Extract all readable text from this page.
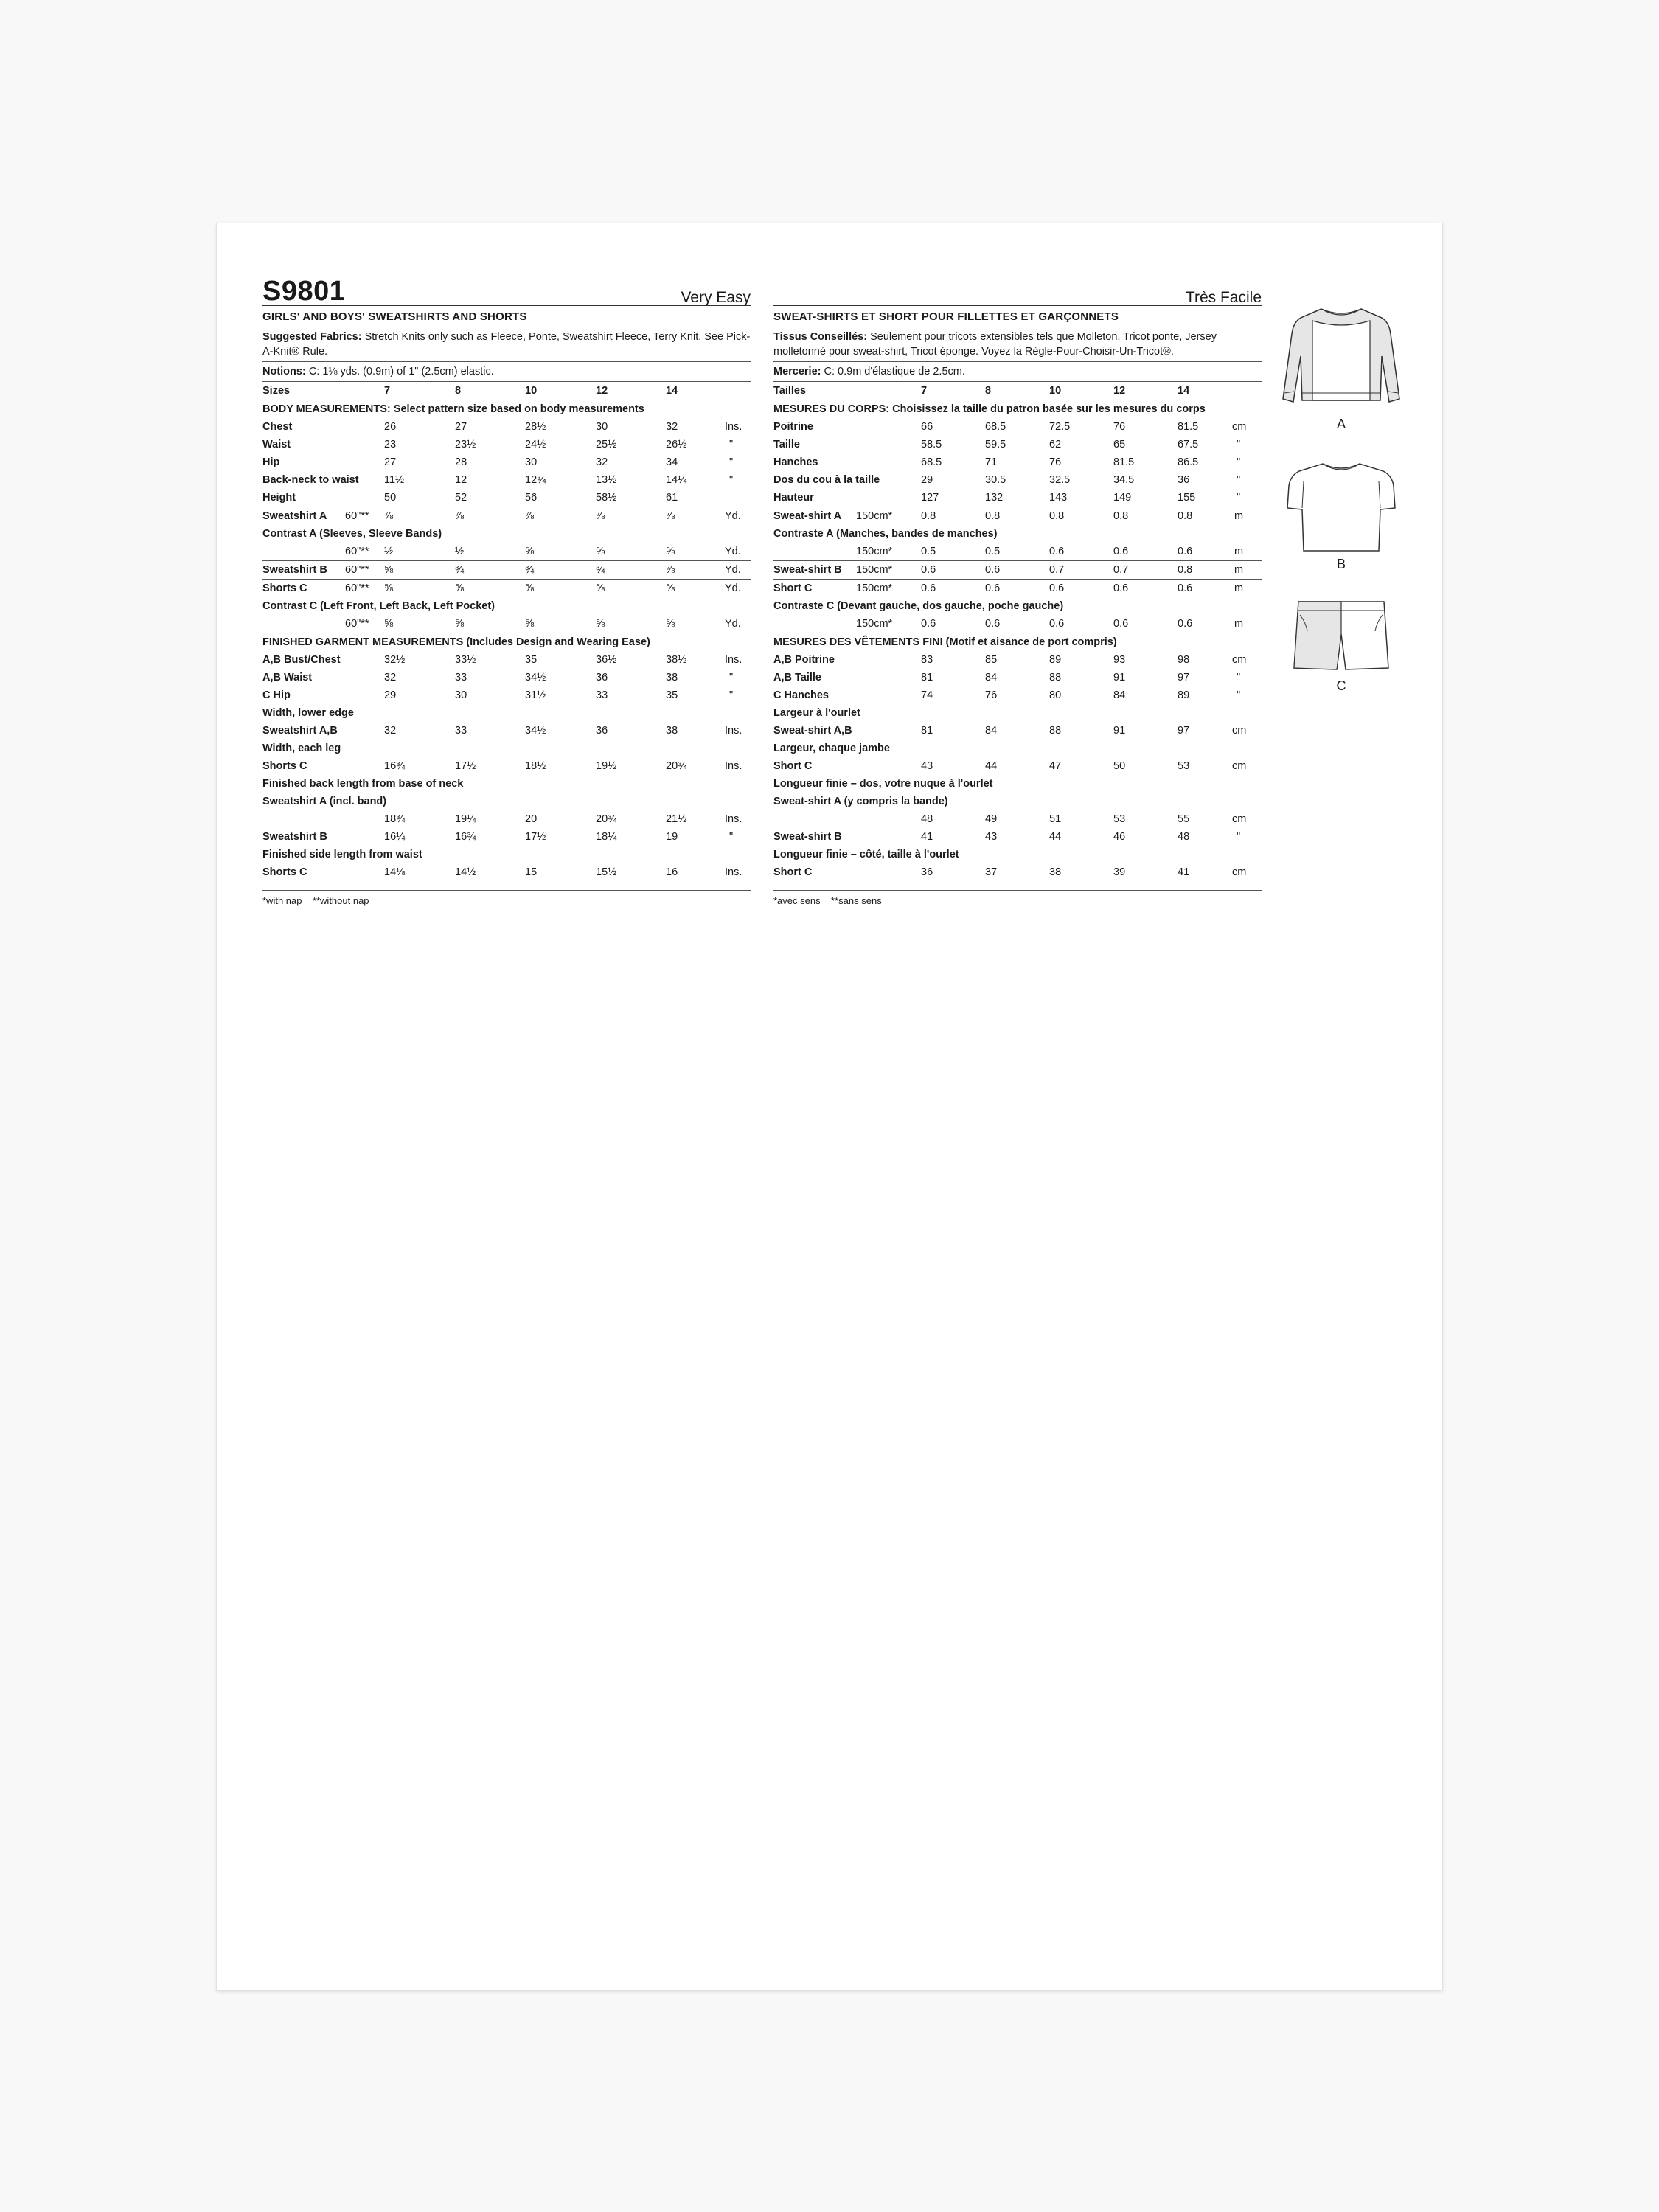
S9801	Very Easy
GIRLS' AND BOYS' SWEATSHIRTS AND SHORTS
Suggested Fabrics: Stretch Knits only such as Fleece, Ponte, Sweatshirt Fleece, Terry Knit. See Pick-A-Knit® Rule.
Notions: C: 1⅛ yds. (0.9m) of 1" (2.5cm) elastic.
Sizes	7	8	10	12	14
BODY MEASUREMENTS: Select pattern size based on body measurements
Chest	26	27	28½	30	32	Ins.
Waist	23	23½	24½	25½	26½	"
Hip	27	28	30	32	34	"
Back-neck to waist 11½	12	12¾	13½	14¼	"
Height	50	52	56	58½	61
Sweatshirt A 60"** ⅞	⅞	⅞	⅞	⅞	Yd.
Contrast A (Sleeves, Sleeve Bands)
60"** ½	½	⅝	⅝	⅝	Yd.
Sweatshirt B 60"** ⅝	¾	¾	¾	⅞	Yd.
Shorts C	60"** ⅝	⅝	⅝	⅝	⅝	Yd.
Contrast C (Left Front, Left Back, Left Pocket)
60"** ⅝	⅝	⅝	⅝	⅝	Yd.
FINISHED GARMENT MEASUREMENTS (Includes Design and Wearing Ease)
A,B Bust/Chest	32½	33½	35	36½	38½	Ins.
A,B Waist	32	33	34½	36	38	"
C Hip	29	30	31½	33	35	"
Width, lower edge
Sweatshirt A,B	32	33	34½	36	38	Ins.
Width, each leg
Shorts C	16¾	17½	18½	19½	20¾	Ins.
Finished back length from base of neck
Sweatshirt A (incl. band)
18¾	19¼	20	20¾	21½	Ins.
Sweatshirt B	16¼	16¾	17½	18¼	19	"
Finished side length from waist
Shorts C	14⅛	14½	15	15½	16	Ins.
*with nap    **without nap
Très Facile
SWEAT-SHIRTS ET SHORT POUR FILLETTES ET GARÇONNETS
Tissus Conseillés: Seulement pour tricots extensibles tels que Molleton, Tricot ponte, Jersey molletonné pour sweat-shirt, Tricot éponge. Voyez la Règle-Pour-Choisir-Un-Tricot®.
Mercerie: C: 0.9m d'élastique de 2.5cm.
Tailles	7	8	10	12	14
MESURES DU CORPS: Choisissez la taille du patron basée sur les mesures du corps
Poitrine	66	68.5	72.5	76	81.5	cm
Taille	58.5	59.5	62	65	67.5	"
Hanches	68.5	71	76	81.5	86.5	"
Dos du cou à la taille	29	30.5	32.5	34.5	36	"
Hauteur	127	132	143	149	155	"
Sweat-shirt A 150cm*	0.8	0.8	0.8	0.8	0.8	m
Contraste A (Manches, bandes de manches)
150cm*	0.5	0.5	0.6	0.6	0.6	m
Sweat-shirt B 150cm*	0.6	0.6	0.7	0.7	0.8	m
Short C	150cm*	0.6	0.6	0.6	0.6	0.6	m
Contraste C (Devant gauche, dos gauche, poche gauche)
150cm*	0.6	0.6	0.6	0.6	0.6	m
MESURES DES VÊTEMENTS FINI (Motif et aisance de port compris)
A,B Poitrine	83	85	89	93	98	cm
A,B Taille	81	84	88	91	97	"
C Hanches	74	76	80	84	89	"
Largeur à l'ourlet
Sweat-shirt A,B	81	84	88	91	97	cm
Largeur, chaque jambe
Short C	43	44	47	50	53	cm
Longueur finie – dos, votre nuque à l'ourlet
Sweat-shirt A (y compris la bande)
48	49	51	53	55	cm
Sweat-shirt B	41	43	44	46	48	"
Longueur finie – côté, taille à l'ourlet
Short C	36	37	38	39	41	cm
*avec sens    **sans sens
A
B
C
